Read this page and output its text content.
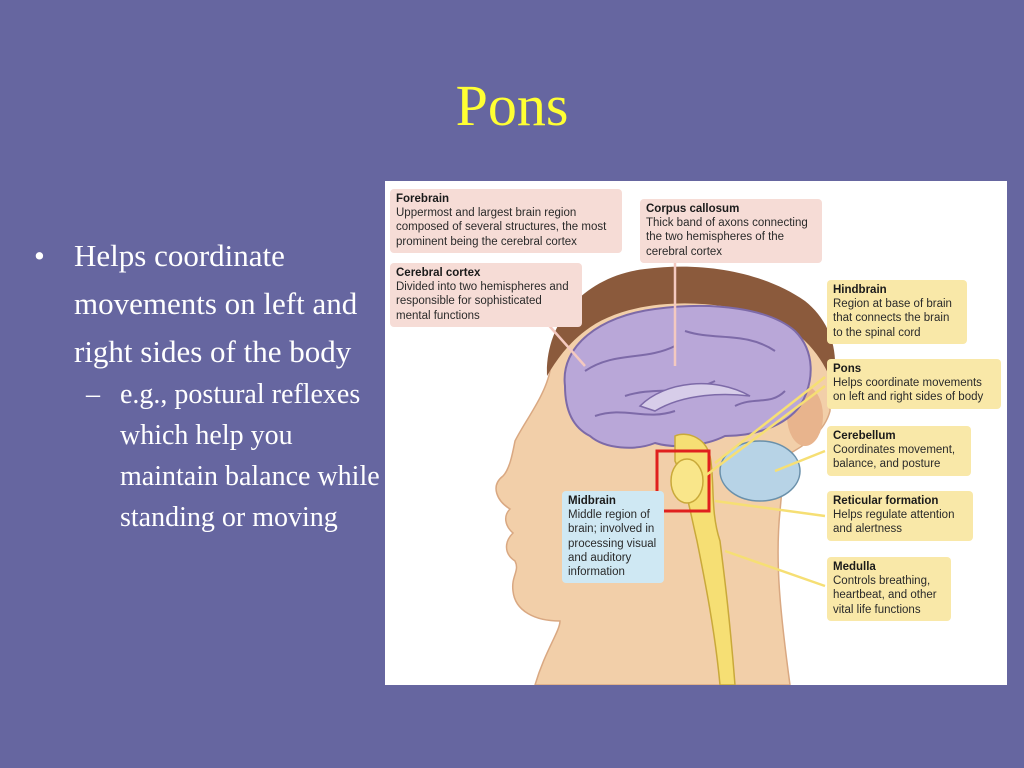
Pons
• Helps coordinate movements on left and right sides of the body
– e.g., postural reflexes which help you maintain balance while standing or moving
Forebrain
Uppermost and largest brain region composed of several structures, the most prominent being the cerebral cortex
Cerebral cortex
Divided into two hemispheres and responsible for sophisticated mental functions
Corpus callosum
Thick band of axons connecting the two hemispheres of the cerebral cortex
Hindbrain
Region at base of brain that connects the brain to the spinal cord
Pons
Helps coordinate movements on left and right sides of body
Cerebellum
Coordinates movement, balance, and posture
Reticular formation
Helps regulate attention and alertness
Medulla
Controls breathing, heartbeat, and other vital life functions
Midbrain
Middle region of brain; involved in processing visual and auditory information
